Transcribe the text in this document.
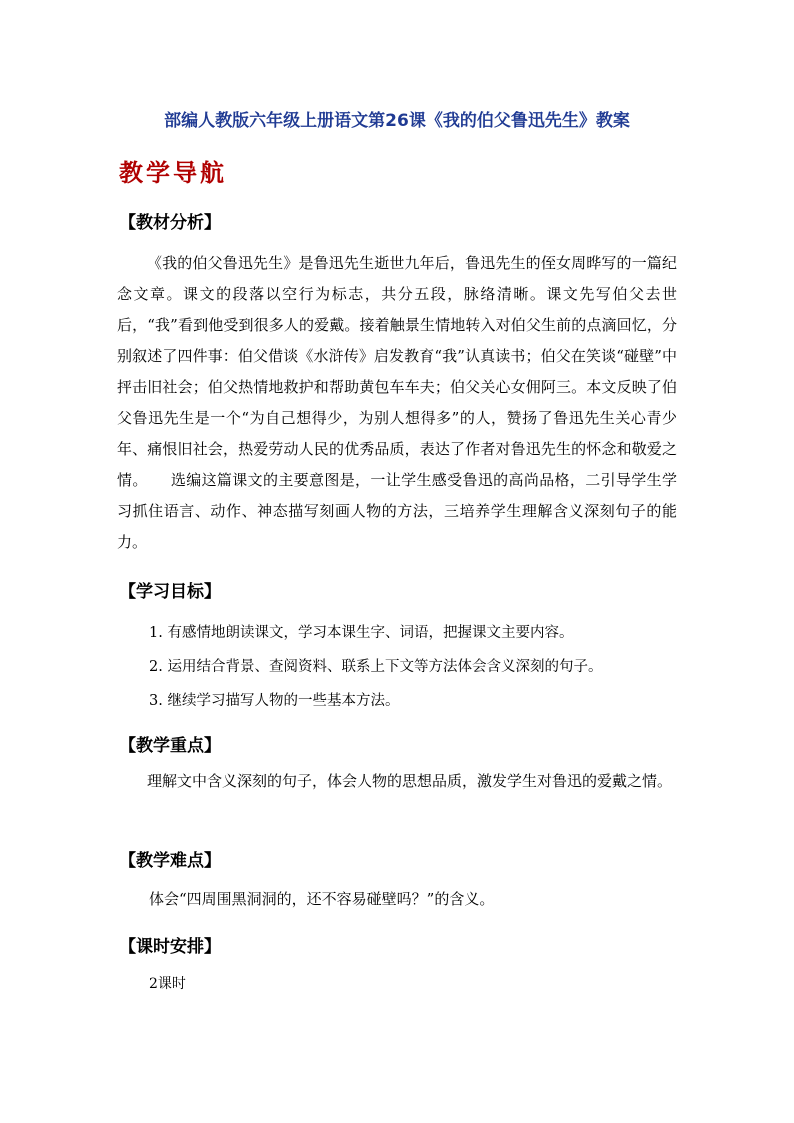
部编人教版六年级上册语文第26课《我的伯父鲁迅先生》教案
教学导航
【教材分析】
《我的伯父鲁迅先生》是鲁迅先生逝世九年后，鲁迅先生的侄女周晔写的一篇纪念文章。课文的段落以空行为标志，共分五段，脉络清晰。课文先写伯父去世后，“我”看到他受到很多人的爱戴。接着触景生情地转入对伯父生前的点滴回忆，分别叙述了四件事：伯父借谈《水浒传》启发教育“我”认真读书；伯父在笑谈“碰壁”中抨击旧社会；伯父热情地救护和帮助黄包车车夫；伯父关心女佣阿三。本文反映了伯父鲁迅先生是一个“为自己想得少，为别人想得多”的人，赞扬了鲁迅先生关心青少年、痛恨旧社会，热爱劳动人民的优秀品质，表达了作者对鲁迅先生的怀念和敬爱之情。　　选编这篇课文的主要意图是，一让学生感受鲁迅的高尚品格，二引导学生学习抓住语言、动作、神态描写刻画人物的方法，三培养学生理解含义深刻句子的能力。
【学习目标】
1. 有感情地朗读课文，学习本课生字、词语，把握课文主要内容。
2. 运用结合背景、查阅资料、联系上下文等方法体会含义深刻的句子。
3. 继续学习描写人物的一些基本方法。
【教学重点】
理解文中含义深刻的句子，体会人物的思想品质，激发学生对鲁迅的爱戴之情。
【教学难点】
体会“四周围黑洞洞的，还不容易碰壁吗？”的含义。
【课时安排】
2课时
